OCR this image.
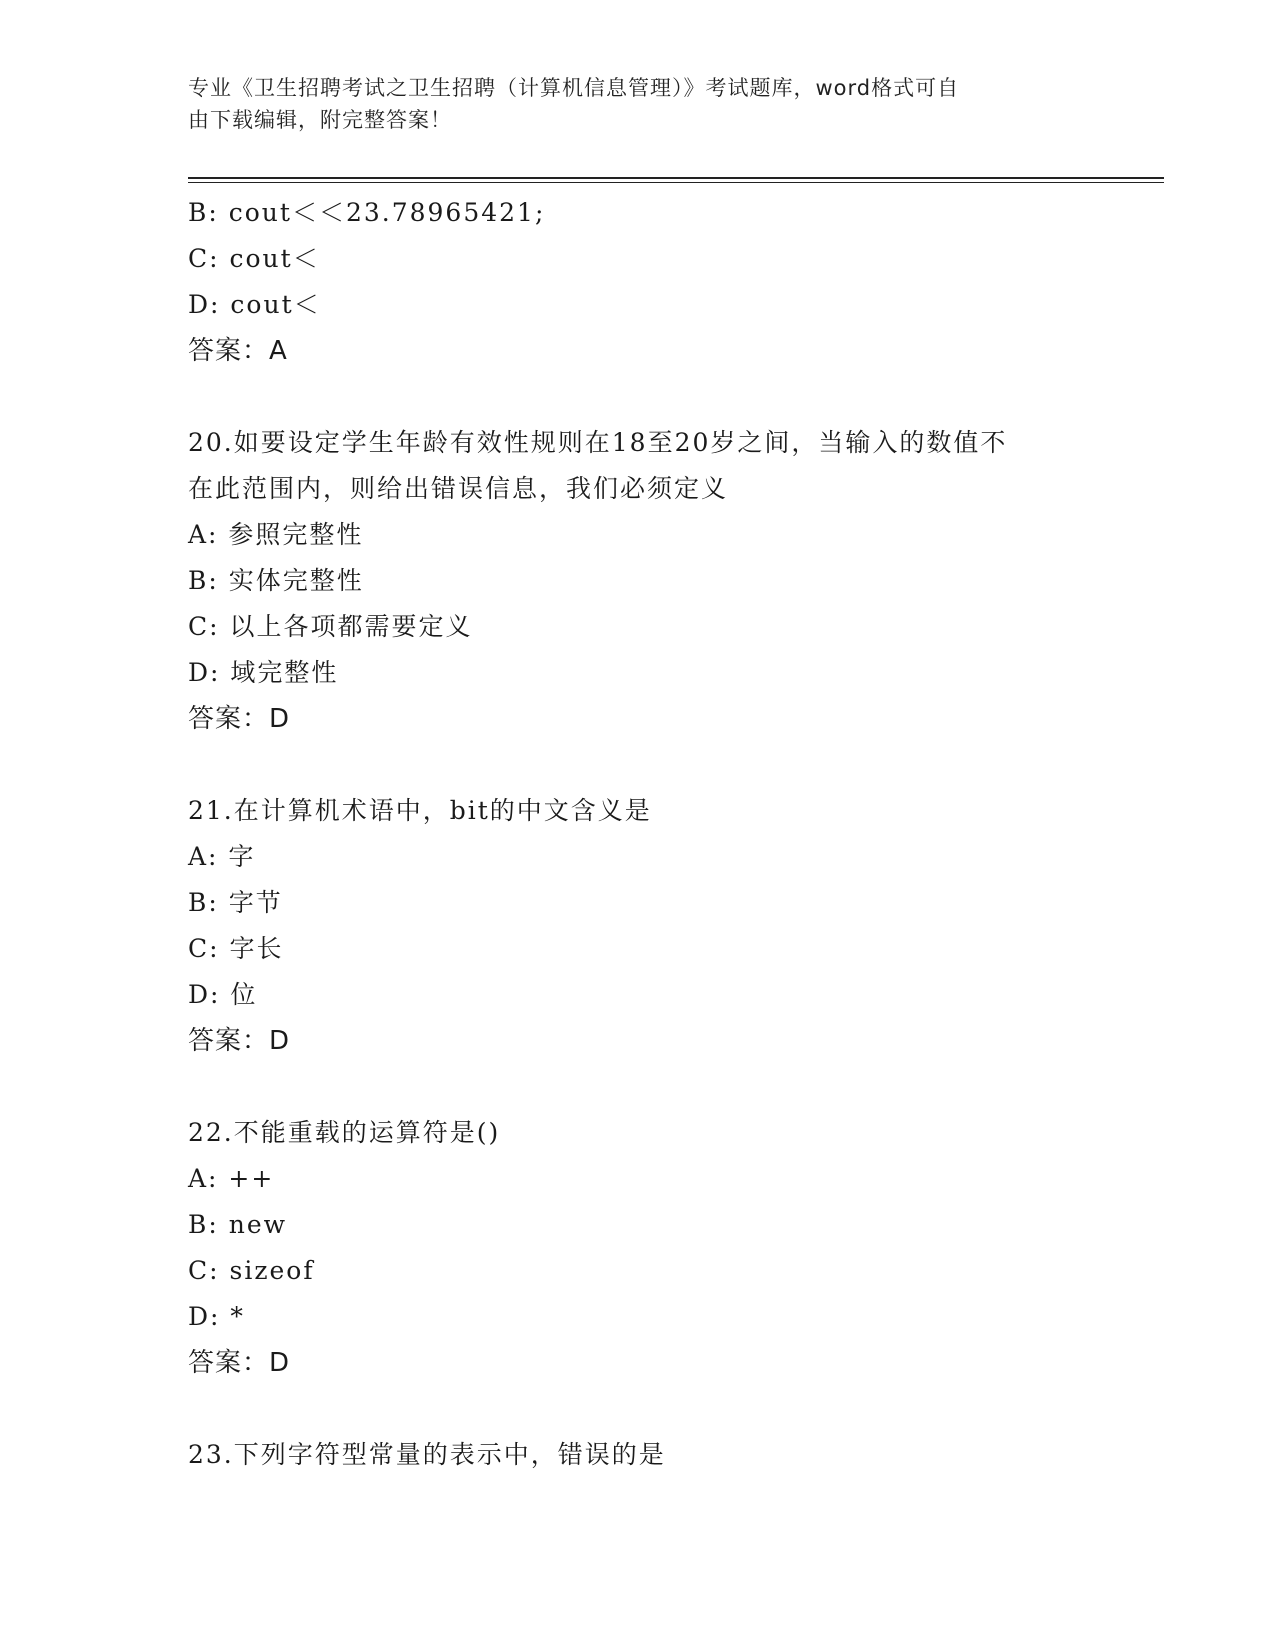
专业《卫生招聘考试之卫生招聘（计算机信息管理）》考试题库，word格式可自
由下载编辑，附完整答案！
B: cout＜＜23.78965421;
C: cout＜
D: cout＜
答案：A
20.如要设定学生年龄有效性规则在18至20岁之间，当输入的数值不
在此范围内，则给出错误信息，我们必须定义
A: 参照完整性
B: 实体完整性
C: 以上各项都需要定义
D: 域完整性
答案：D
21.在计算机术语中，bit的中文含义是
A: 字
B: 字节
C: 字长
D: 位
答案：D
22.不能重载的运算符是()
A: ++
B: new
C: sizeof
D: *
答案：D
23.下列字符型常量的表示中，错误的是
